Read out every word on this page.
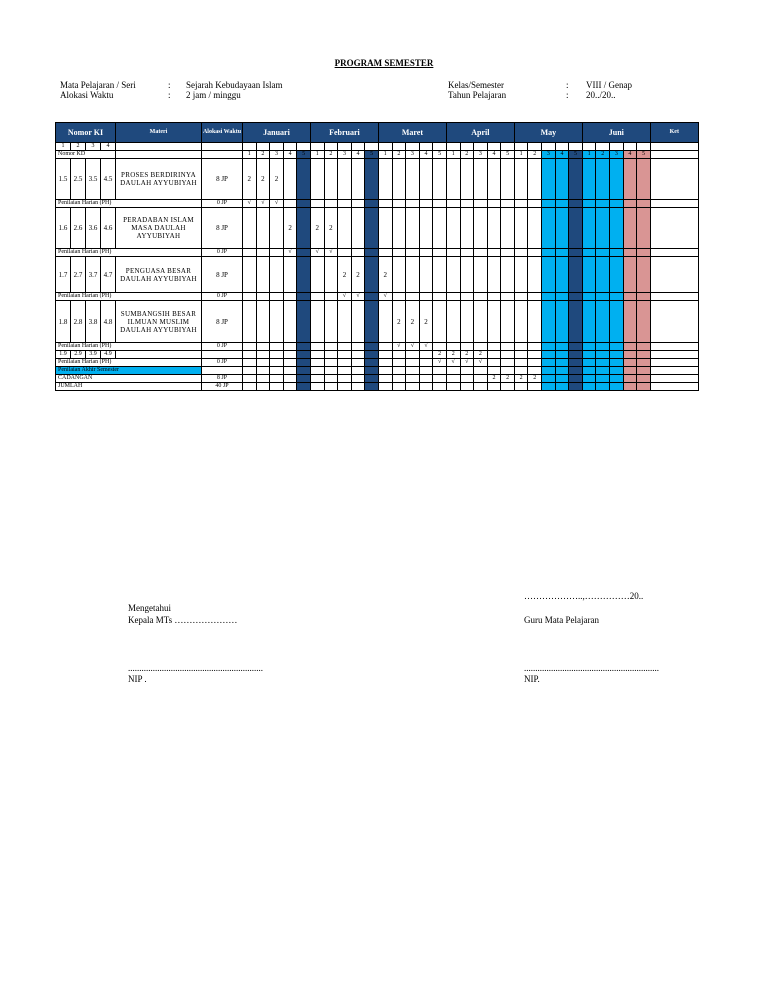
PROGRAM SEMESTER
Mata Pelajaran / Seri	: Sejarah Kebudayaan Islam
Alokasi Waktu	: 2 jam / minggu
Kelas/Semester	: VIII / Genap
Tahun Pelajaran	: 20../20..
Nomor KI				Materi	Alokasi Waktu	Januari					Februari					Maret					April					May					Juni					Ket
1	2	3	4																																	
Nomor KD						1	2	3	4	5	1	2	3	4	5	1	2	3	4	5	1	2	3	4	5	1	2	3	4	5	1	2	3	4	5	
1.5	2.5	3.5	4.5	PROSES BERDIRINYA DAULAH AYYUBIYAH	8 JP	2	2	2																												
Penilaian Harian (PH)					0 JP	√	√	√																												
1.6	2.6	3.6	4.6	PERADABAN ISLAM MASA DAULAH AYYUBIYAH	8 JP				2		2	2																								
Penilaian Harian (PH)					0 JP				√		√	√																								
1.7	2.7	3.7	4.7	PENGUASA BESAR DAULAH AYYUBIYAH	8 JP								2	2		2																				
Penilaian Harian (PH)					0 JP								√	√		√																				
1.8	2.8	3.8	4.8	SUMBANGSIH BESAR ILMUAN MUSLIM DAULAH AYYUBIYAH	8 JP												2	2	2																	
Penilaian Harian (PH)					0 JP												√	√	√																	
1.9	2.9	3.9	4.9																	2	2	2	2													
Penilaian Harian (PH)					0 JP															√	√	√	√													
Penilaian Akhir Semester																																				
CADANGAN					8 JP																			2	2	2	2									
JUMLAH					40 JP																															
………………..,……………20..
Mengetahui
Kepala MTs …………………	Guru Mata Pelajaran
............................................................	............................................................
NIP .	NIP.
